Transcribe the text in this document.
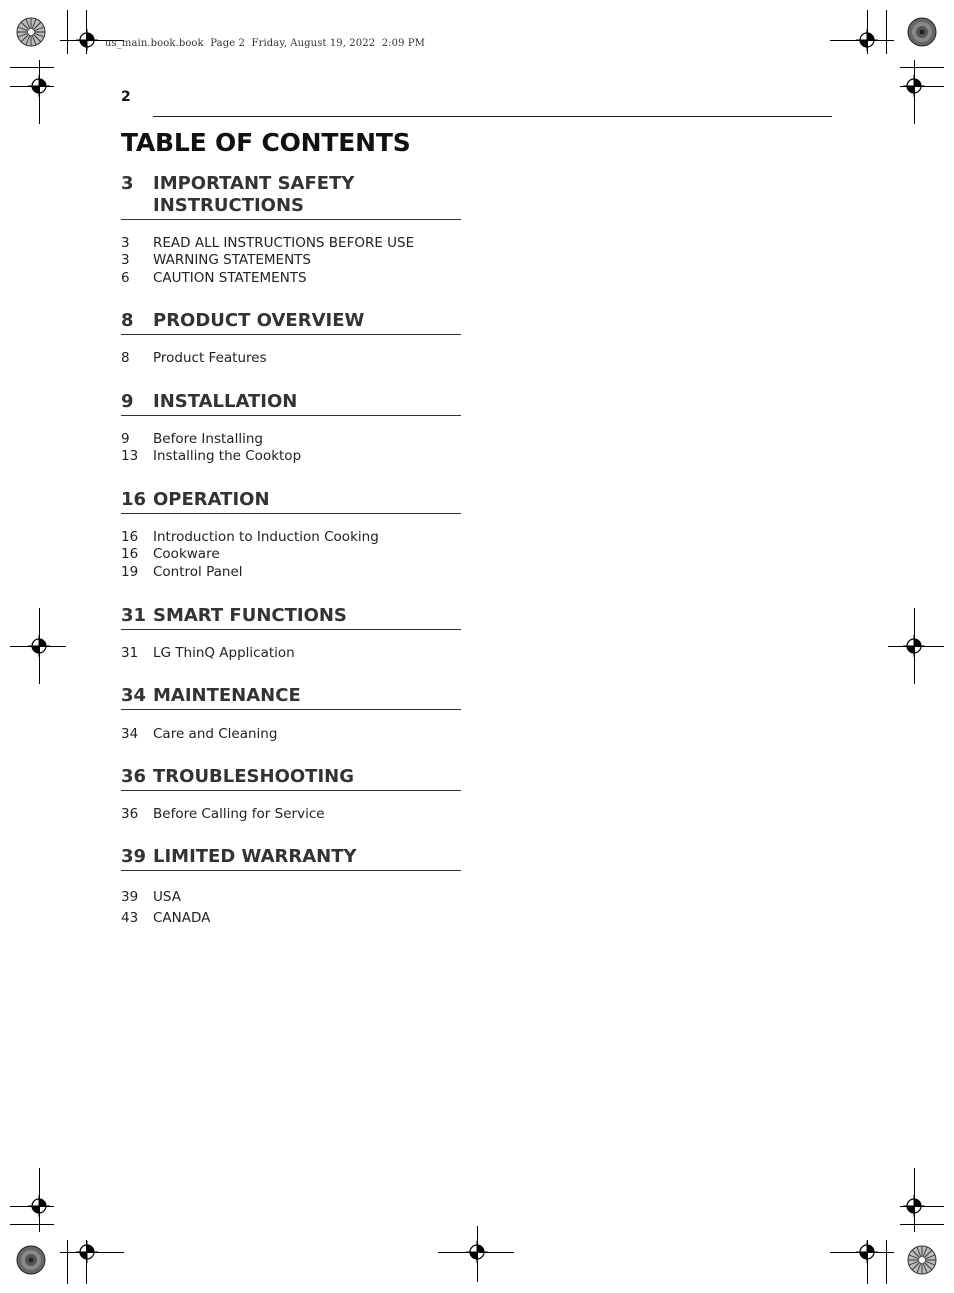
us_main.book.book  Page 2  Friday, August 19, 2022  2:09 PM
2
TABLE OF CONTENTS
3 IMPORTANT SAFETY INSTRUCTIONS
3 READ ALL INSTRUCTIONS BEFORE USE
3 WARNING STATEMENTS
6 CAUTION STATEMENTS
8 PRODUCT OVERVIEW
8 Product Features
9 INSTALLATION
9 Before Installing
13 Installing the Cooktop
16 OPERATION
16 Introduction to Induction Cooking
16 Cookware
19 Control Panel
31 SMART FUNCTIONS
31 LG ThinQ Application
34 MAINTENANCE
34 Care and Cleaning
36 TROUBLESHOOTING
36 Before Calling for Service
39 LIMITED WARRANTY
39 USA
43 CANADA
